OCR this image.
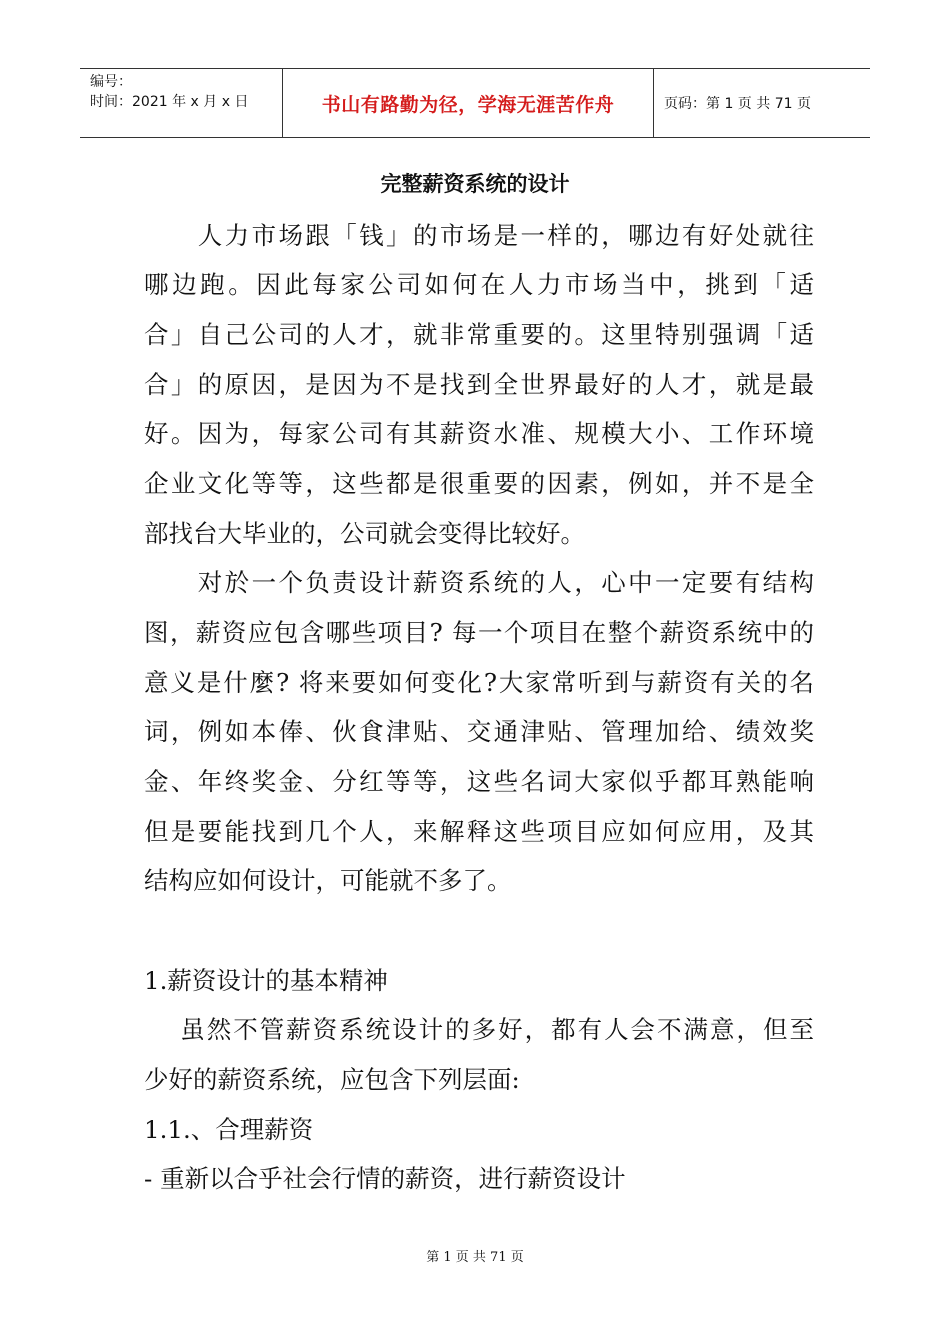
编号：
时间：2021 年 x 月 x 日	书山有路勤为径，学海无涯苦作舟	页码：第 1 页 共 71 页
完整薪资系统的设计
　　人力市场跟「钱」的市场是一样的，哪边有好处就往
哪边跑。因此每家公司如何在人力市场当中，挑到「适
合」自己公司的人才，就非常重要的。这里特别强调「适
合」的原因，是因为不是找到全世界最好的人才，就是最
好。因为，每家公司有其薪资水准、规模大小、工作环境
企业文化等等，这些都是很重要的因素，例如，并不是全
部找台大毕业的，公司就会变得比较好。
　　对於一个负责设计薪资系统的人，心中一定要有结构
图，薪资应包含哪些项目? 每一个项目在整个薪资系统中的
意义是什麼? 将来要如何变化?大家常听到与薪资有关的名
词，例如本俸、伙食津贴、交通津贴、管理加给、绩效奖
金、年终奖金、分红等等，这些名词大家似乎都耳熟能响
但是要能找到几个人，来解释这些项目应如何应用，及其
结构应如何设计，可能就不多了。
1.薪资设计的基本精神
　 虽然不管薪资系统设计的多好，都有人会不满意，但至
少好的薪资系统，应包含下列层面:
1.1.、合理薪资
- 重新以合乎社会行情的薪资，进行薪资设计
第 1 页 共 71 页
